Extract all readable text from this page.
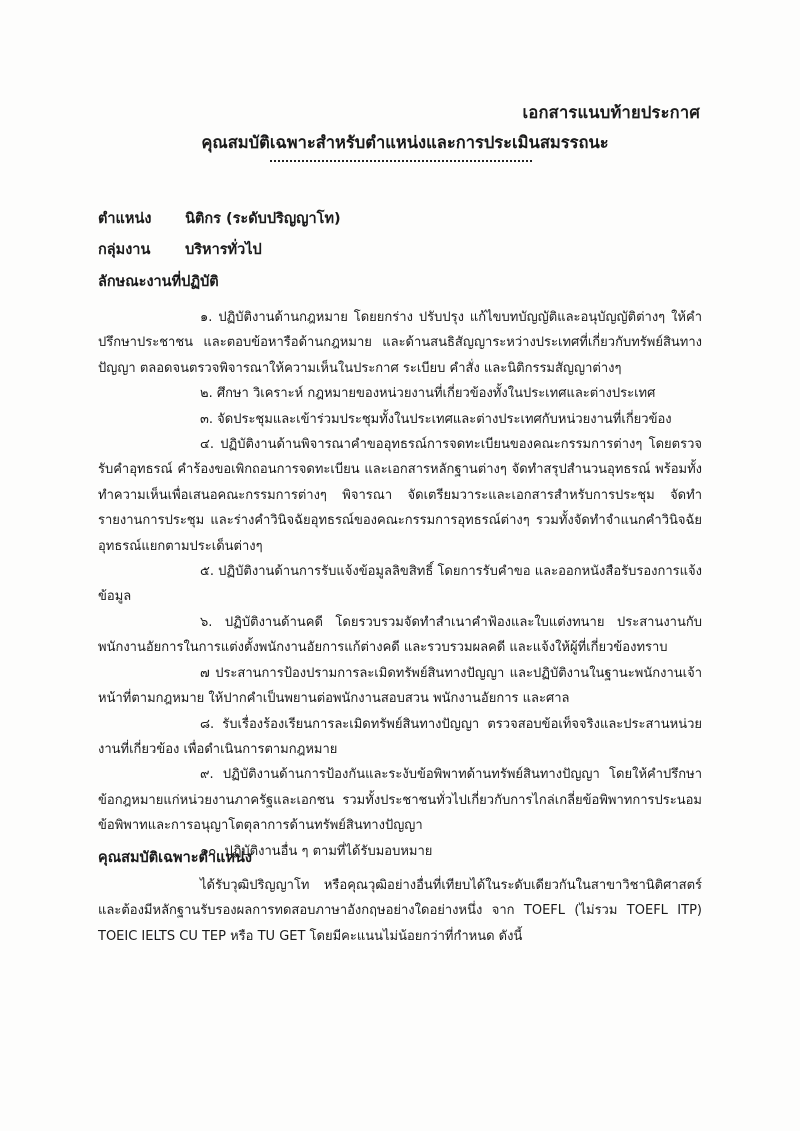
เอกสารแนบท้ายประกาศ
คุณสมบัติเฉพาะสำหรับตำแหน่งและการประเมินสมรรถนะ
ตำแหน่ง นิติกร (ระดับปริญญาโท)
กลุ่มงาน บริหารทั่วไป
ลักษณะงานที่ปฏิบัติ

๑. ปฏิบัติงานด้านกฎหมาย โดยยกร่าง ปรับปรุง แก้ไขบทบัญญัติและอนุบัญญัติต่างๆ ให้คำปรึกษาประชาชน และตอบข้อหารือด้านกฎหมาย และด้านสนธิสัญญาระหว่างประเทศที่เกี่ยวกับทรัพย์สินทางปัญญา ตลอดจนตรวจพิจารณาให้ความเห็นในประกาศ ระเบียบ คำสั่ง และนิติกรรมสัญญาต่างๆ

๒. ศึกษา วิเคราะห์ กฎหมายของหน่วยงานที่เกี่ยวข้องทั้งในประเทศและต่างประเทศ

๓. จัดประชุมและเข้าร่วมประชุมทั้งในประเทศและต่างประเทศกับหน่วยงานที่เกี่ยวข้อง

๔. ปฏิบัติงานด้านพิจารณาคำขออุทธรณ์การจดทะเบียนของคณะกรรมการต่างๆ โดยตรวจรับคำอุทธรณ์ คำร้องขอเพิกถอนการจดทะเบียน และเอกสารหลักฐานต่างๆ จัดทำสรุปสำนวนอุทธรณ์ พร้อมทั้งทำความเห็นเพื่อเสนอคณะกรรมการต่างๆ พิจารณา จัดเตรียมวาระและเอกสารสำหรับการประชุม จัดทำรายงานการประชุม และร่างคำวินิจฉัยอุทธรณ์ของคณะกรรมการอุทธรณ์ต่างๆ รวมทั้งจัดทำจำแนกคำวินิจฉัยอุทธรณ์แยกตามประเด็นต่างๆ

๕. ปฏิบัติงานด้านการรับแจ้งข้อมูลลิขสิทธิ์ โดยการรับคำขอ และออกหนังสือรับรองการแจ้งข้อมูล

๖. ปฏิบัติงานด้านคดี โดยรวบรวมจัดทำสำเนาคำฟ้องและใบแต่งทนาย ประสานงานกับพนักงานอัยการในการแต่งตั้งพนักงานอัยการแก้ต่างคดี และรวบรวมผลคดี และแจ้งให้ผู้ที่เกี่ยวข้องทราบ

๗ ประสานการป้องปรามการละเมิดทรัพย์สินทางปัญญา และปฏิบัติงานในฐานะพนักงานเจ้าหน้าที่ตามกฎหมาย ให้ปากคำเป็นพยานต่อพนักงานสอบสวน พนักงานอัยการ และศาล

๘. รับเรื่องร้องเรียนการละเมิดทรัพย์สินทางปัญญา ตรวจสอบข้อเท็จจริงและประสานหน่วยงานที่เกี่ยวข้อง เพื่อดำเนินการตามกฎหมาย

๙. ปฏิบัติงานด้านการป้องกันและระงับข้อพิพาทด้านทรัพย์สินทางปัญญา โดยให้คำปรึกษาข้อกฎหมายแก่หน่วยงานภาครัฐและเอกชน รวมทั้งประชาชนทั่วไปเกี่ยวกับการไกล่เกลี่ยข้อพิพาทการประนอมข้อพิพาทและการอนุญาโตตุลาการด้านทรัพย์สินทางปัญญา

๑๐. ปฏิบัติงานอื่น ๆ ตามที่ได้รับมอบหมาย

คุณสมบัติเฉพาะตำแหน่ง

ได้รับวุฒิปริญญาโท หรือคุณวุฒิอย่างอื่นที่เทียบได้ในระดับเดียวกันในสาขาวิชานิติศาสตร์ และต้องมีหลักฐานรับรองผลการทดสอบภาษาอังกฤษอย่างใดอย่างหนึ่ง จาก TOEFL (ไม่รวม TOEFL ITP) TOEIC IELTS CU TEP หรือ TU GET โดยมีคะแนนไม่น้อยกว่าที่กำหนด ดังนี้
